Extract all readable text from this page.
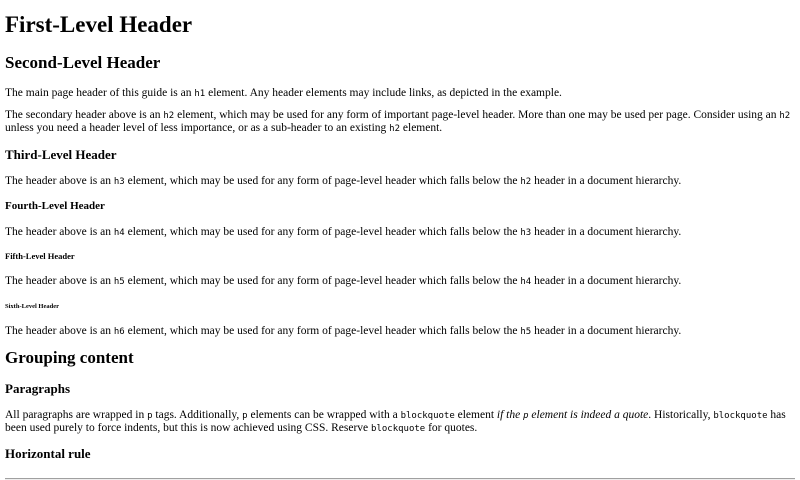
First-Level Header
Second-Level Header

The main page header of this guide is an h1 element. Any header elements may include links, as depicted in the example.

The secondary header above is an h2 element, which may be used for any form of important page-level header. More than one may be used per page. Consider using an h2 unless you need a header level of less importance, or as a sub-header to an existing h2 element.

Third-Level Header

The header above is an h3 element, which may be used for any form of page-level header which falls below the h2 header in a document hierarchy.

Fourth-Level Header

The header above is an h4 element, which may be used for any form of page-level header which falls below the h3 header in a document hierarchy.

Fifth-Level Header

The header above is an h5 element, which may be used for any form of page-level header which falls below the h4 header in a document hierarchy.

Sixth-Level Header

The header above is an h6 element, which may be used for any form of page-level header which falls below the h5 header in a document hierarchy.

Grouping content
Paragraphs

All paragraphs are wrapped in p tags. Additionally, p elements can be wrapped with a blockquote element if the p element is indeed a quote. Historically, blockquote has been used purely to force indents, but this is now achieved using CSS. Reserve blockquote for quotes.

Horizontal rule
